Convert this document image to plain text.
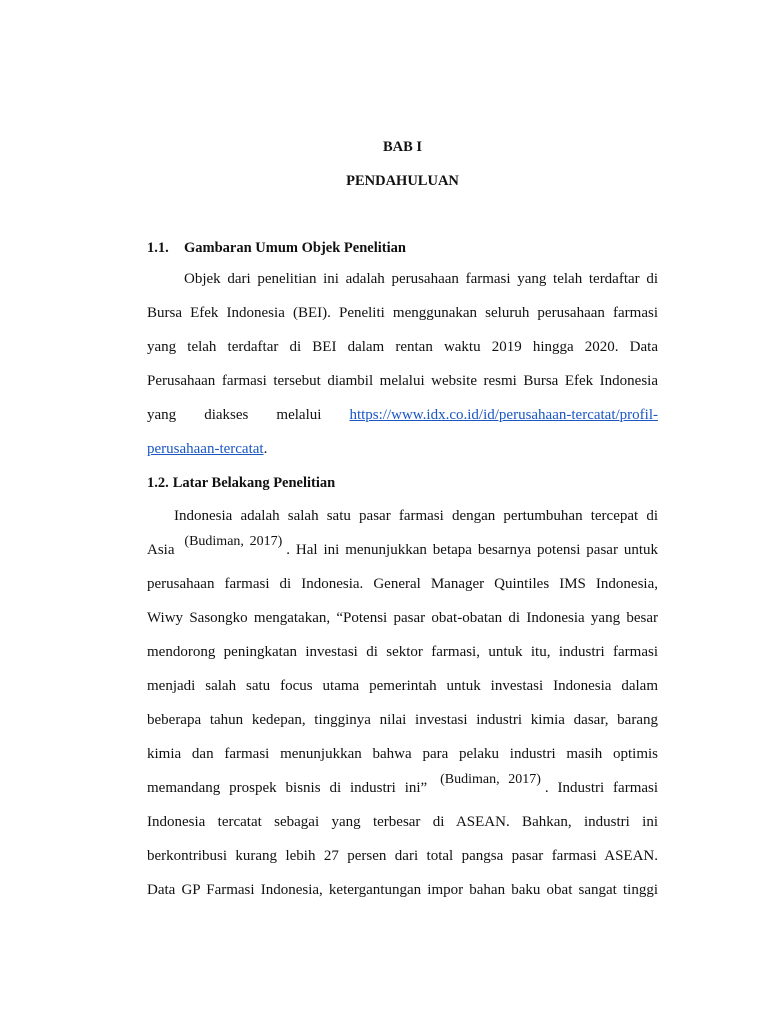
BAB I
PENDAHULUAN
1.1. Gambaran Umum Objek Penelitian
Objek dari penelitian ini adalah perusahaan farmasi yang telah terdaftar di
Bursa Efek Indonesia (BEI). Peneliti menggunakan seluruh perusahaan farmasi
yang telah terdaftar di BEI dalam rentan waktu 2019 hingga 2020. Data
Perusahaan farmasi tersebut diambil melalui website resmi Bursa Efek Indonesia
yang diakses melalui https://www.idx.co.id/id/perusahaan-tercatat/profil-
perusahaan-tercatat.
1.2. Latar Belakang Penelitian
Indonesia adalah salah satu pasar farmasi dengan pertumbuhan tercepat di
Asia (Budiman, 2017). Hal ini menunjukkan betapa besarnya potensi pasar untuk
perusahaan farmasi di Indonesia. General Manager Quintiles IMS Indonesia,
Wiwy Sasongko mengatakan, “Potensi pasar obat-obatan di Indonesia yang besar
mendorong peningkatan investasi di sektor farmasi, untuk itu, industri farmasi
menjadi salah satu focus utama pemerintah untuk investasi Indonesia dalam
beberapa tahun kedepan, tingginya nilai investasi industri kimia dasar, barang
kimia dan farmasi menunjukkan bahwa para pelaku industri masih optimis
memandang prospek bisnis di industri ini” (Budiman, 2017). Industri farmasi
Indonesia tercatat sebagai yang terbesar di ASEAN. Bahkan, industri ini
berkontribusi kurang lebih 27 persen dari total pangsa pasar farmasi ASEAN.
Data GP Farmasi Indonesia, ketergantungan impor bahan baku obat sangat tinggi
